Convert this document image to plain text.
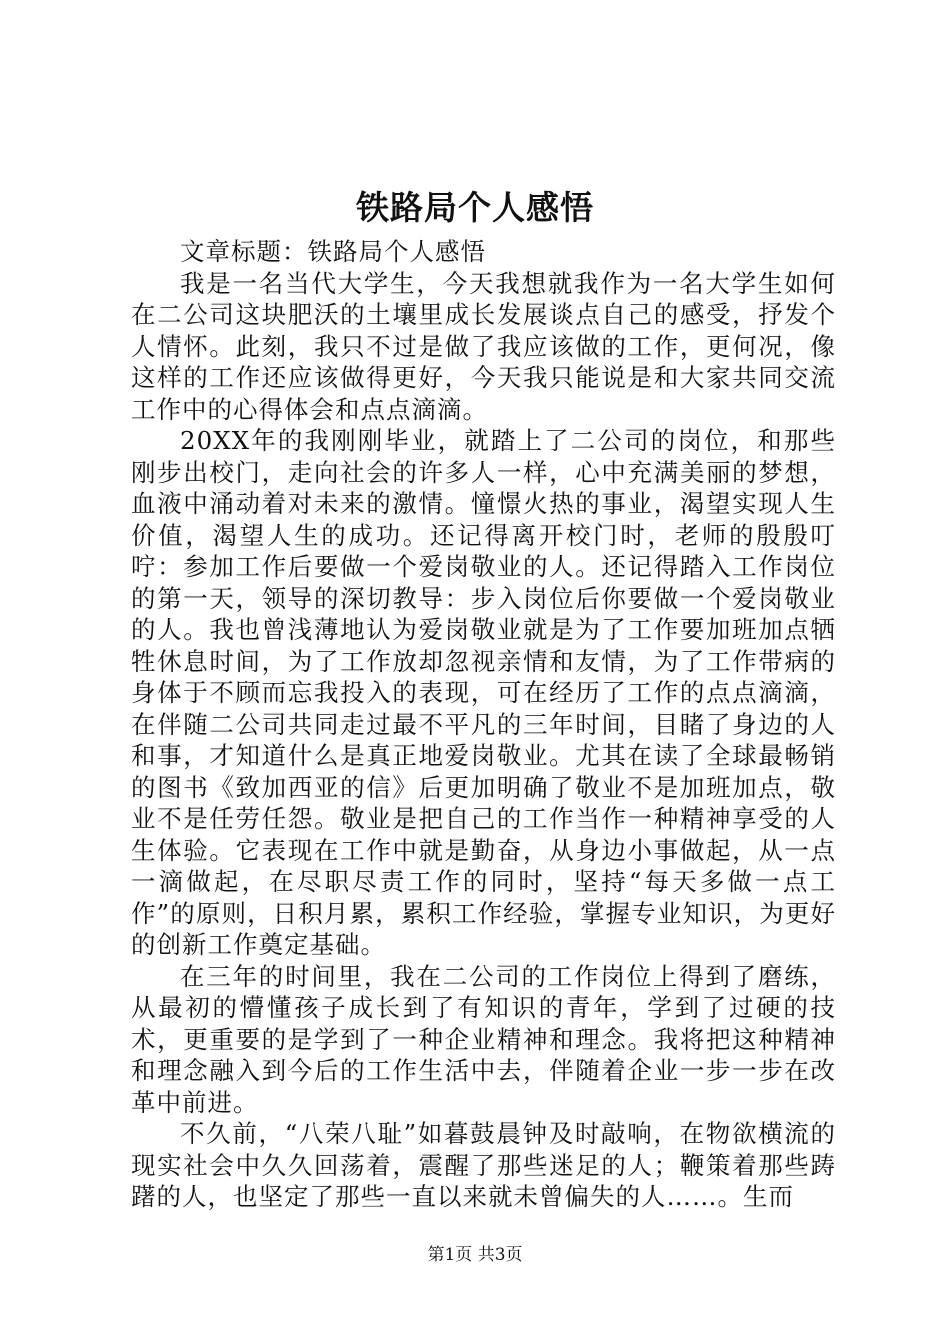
铁路局个人感悟

文章标题：铁路局个人感悟

我是一名当代大学生，今天我想就我作为一名大学生如何在二公司这块肥沃的土壤里成长发展谈点自己的感受，抒发个人情怀。此刻，我只不过是做了我应该做的工作，更何况，像这样的工作还应该做得更好，今天我只能说是和大家共同交流工作中的心得体会和点点滴滴。

20XX年的我刚刚毕业，就踏上了二公司的岗位，和那些刚步出校门，走向社会的许多人一样，心中充满美丽的梦想，血液中涌动着对未来的激情。憧憬火热的事业，渴望实现人生价值，渴望人生的成功。还记得离开校门时，老师的殷殷叮咛：参加工作后要做一个爱岗敬业的人。还记得踏入工作岗位的第一天，领导的深切教导：步入岗位后你要做一个爱岗敬业的人。我也曾浅薄地认为爱岗敬业就是为了工作要加班加点牺牲休息时间，为了工作放却忽视亲情和友情，为了工作带病的身体于不顾而忘我投入的表现，可在经历了工作的点点滴滴，在伴随二公司共同走过最不平凡的三年时间，目睹了身边的人和事，才知道什么是真正地爱岗敬业。尤其在读了全球最畅销的图书《致加西亚的信》后更加明确了敬业不是加班加点，敬业不是任劳任怨。敬业是把自己的工作当作一种精神享受的人生体验。它表现在工作中就是勤奋，从身边小事做起，从一点一滴做起，在尽职尽责工作的同时，坚持“每天多做一点工作”的原则，日积月累，累积工作经验，掌握专业知识，为更好的创新工作奠定基础。

在三年的时间里，我在二公司的工作岗位上得到了磨练，从最初的懵懂孩子成长到了有知识的青年，学到了过硬的技术，更重要的是学到了一种企业精神和理念。我将把这种精神和理念融入到今后的工作生活中去，伴随着企业一步一步在改革中前进。

不久前，“八荣八耻”如暮鼓晨钟及时敲响，在物欲横流的现实社会中久久回荡着，震醒了那些迷足的人；鞭策着那些踌躇的人，也坚定了那些一直以来就未曾偏失的人……。生而

第1页 共3页
